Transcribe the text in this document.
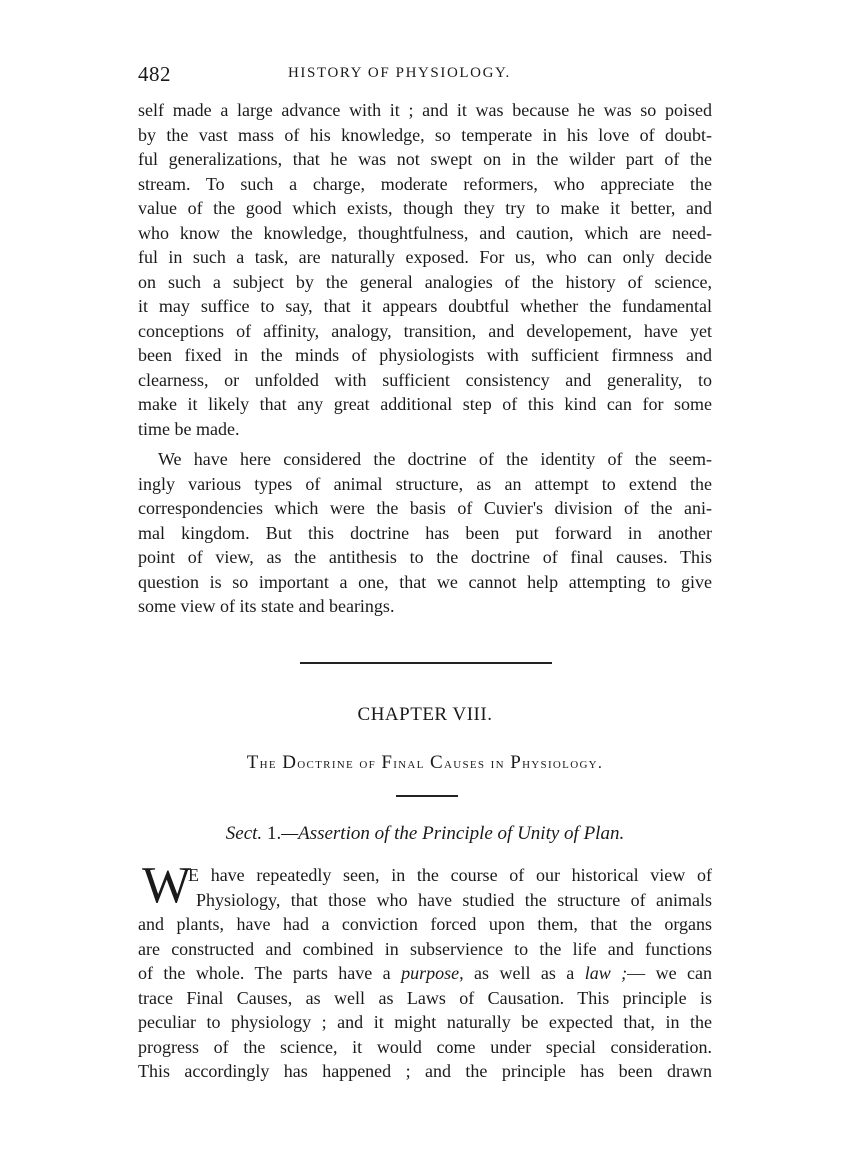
482	HISTORY OF PHYSIOLOGY.
self made a large advance with it ; and it was because he was so poised
by the vast mass of his knowledge, so temperate in his love of doubt-
ful generalizations, that he was not swept on in the wilder part of the
stream. To such a charge, moderate reformers, who appreciate the
value of the good which exists, though they try to make it better, and
who know the knowledge, thoughtfulness, and caution, which are need-
ful in such a task, are naturally exposed. For us, who can only decide
on such a subject by the general analogies of the history of science,
it may suffice to say, that it appears doubtful whether the fundamental
conceptions of affinity, analogy, transition, and developement, have yet
been fixed in the minds of physiologists with sufficient firmness and
clearness, or unfolded with sufficient consistency and generality, to
make it likely that any great additional step of this kind can for some
time be made.
We have here considered the doctrine of the identity of the seem-
ingly various types of animal structure, as an attempt to extend the
correspondencies which were the basis of Cuvier's division of the ani-
mal kingdom. But this doctrine has been put forward in another
point of view, as the antithesis to the doctrine of final causes. This
question is so important a one, that we cannot help attempting to give
some view of its state and bearings.
CHAPTER VIII.
The Doctrine of Final Causes in Physiology.
Sect. 1.—Assertion of the Principle of Unity of Plan.
W
E have repeatedly seen, in the course of our historical view of
Physiology, that those who have studied the structure of animals
and plants, have had a conviction forced upon them, that the organs
are constructed and combined in subservience to the life and functions
of the whole. The parts have a purpose, as well as a law ;— we can
trace Final Causes, as well as Laws of Causation. This principle is
peculiar to physiology ; and it might naturally be expected that, in the
progress of the science, it would come under special consideration.
This accordingly has happened ; and the principle has been drawn
